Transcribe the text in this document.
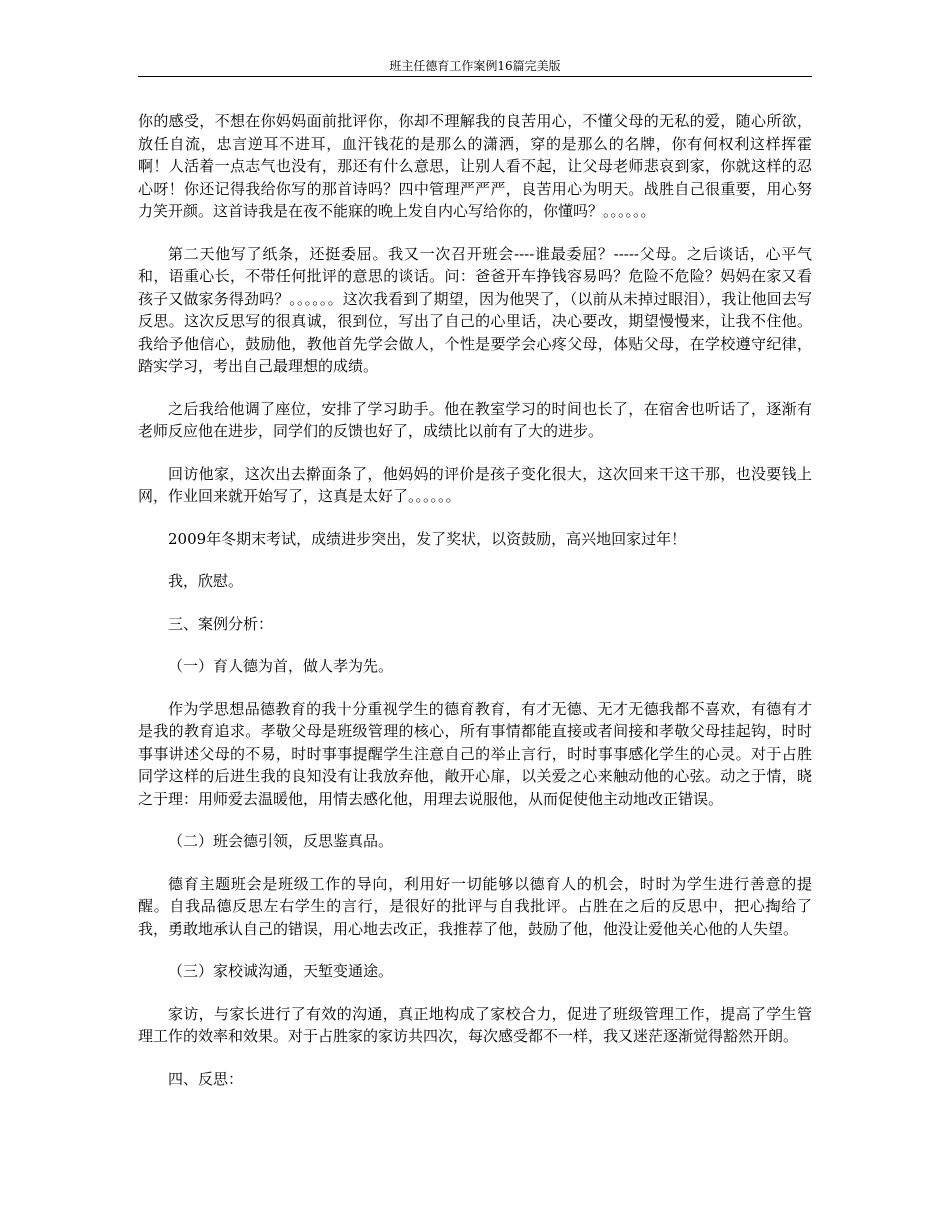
班主任德育工作案例16篇完美版

你的感受，不想在你妈妈面前批评你，你却不理解我的良苦用心，不懂父母的无私的爱，随心所欲，放任自流，忠言逆耳不进耳，血汗钱花的是那么的潇洒，穿的是那么的名牌，你有何权利这样挥霍啊！人活着一点志气也没有，那还有什么意思，让别人看不起，让父母老师悲哀到家，你就这样的忍心呀！你还记得我给你写的那首诗吗？四中管理严严严，良苦用心为明天。战胜自己很重要，用心努力笑开颜。这首诗我是在夜不能寐的晚上发自内心写给你的，你懂吗？。。。。。。

第二天他写了纸条，还挺委屈。我又一次召开班会----谁最委屈？-----父母。之后谈话，心平气和，语重心长，不带任何批评的意思的谈话。问：爸爸开车挣钱容易吗？危险不危险？妈妈在家又看孩子又做家务得劲吗？。。。。。。这次我看到了期望，因为他哭了，（以前从未掉过眼泪），我让他回去写反思。这次反思写的很真诚，很到位，写出了自己的心里话，决心要改，期望慢慢来，让我不住他。我给予他信心，鼓励他，教他首先学会做人，个性是要学会心疼父母，体贴父母，在学校遵守纪律，踏实学习，考出自己最理想的成绩。

之后我给他调了座位，安排了学习助手。他在教室学习的时间也长了，在宿舍也听话了，逐渐有老师反应他在进步，同学们的反馈也好了，成绩比以前有了大的进步。

回访他家，这次出去擀面条了，他妈妈的评价是孩子变化很大，这次回来干这干那，也没要钱上网，作业回来就开始写了，这真是太好了。。。。。。

2009年冬期末考试，成绩进步突出，发了奖状，以资鼓励，高兴地回家过年！

我，欣慰。

三、案例分析：

（一）育人德为首，做人孝为先。

作为学思想品德教育的我十分重视学生的德育教育，有才无德、无才无德我都不喜欢，有德有才是我的教育追求。孝敬父母是班级管理的核心，所有事情都能直接或者间接和孝敬父母挂起钩，时时事事讲述父母的不易，时时事事提醒学生注意自己的举止言行，时时事事感化学生的心灵。对于占胜同学这样的后进生我的良知没有让我放弃他，敞开心扉，以关爱之心来触动他的心弦。动之于情，晓之于理：用师爱去温暖他，用情去感化他，用理去说服他，从而促使他主动地改正错误。

（二）班会德引领，反思鉴真品。

德育主题班会是班级工作的导向，利用好一切能够以德育人的机会，时时为学生进行善意的提醒。自我品德反思左右学生的言行，是很好的批评与自我批评。占胜在之后的反思中，把心掏给了我，勇敢地承认自己的错误，用心地去改正，我推荐了他，鼓励了他，他没让爱他关心他的人失望。

（三）家校诚沟通，天堑变通途。

家访，与家长进行了有效的沟通，真正地构成了家校合力，促进了班级管理工作，提高了学生管理工作的效率和效果。对于占胜家的家访共四次，每次感受都不一样，我又迷茫逐渐觉得豁然开朗。

四、反思：
